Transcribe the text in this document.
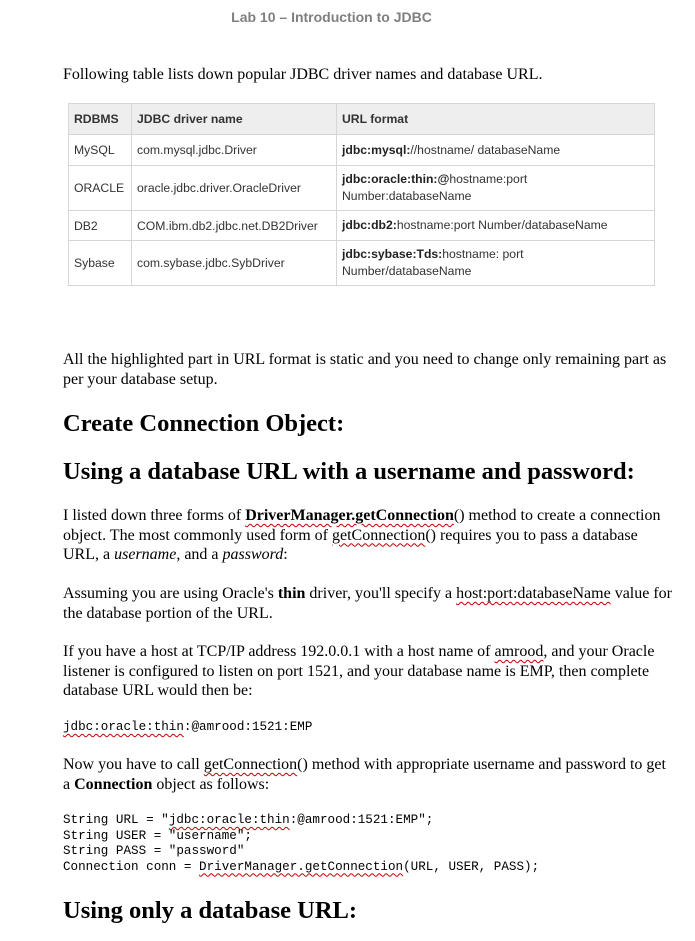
Lab 10 – Introduction to JDBC

Following table lists down popular JDBC driver names and database URL.

RDBMS	JDBC driver name	URL format
MySQL	com.mysql.jdbc.Driver	jdbc:mysql://hostname/ databaseName
ORACLE	oracle.jdbc.driver.OracleDriver	jdbc:oracle:thin:@hostname:port Number:databaseName
DB2	COM.ibm.db2.jdbc.net.DB2Driver	jdbc:db2:hostname:port Number/databaseName
Sybase	com.sybase.jdbc.SybDriver	jdbc:sybase:Tds:hostname: port Number/databaseName

All the highlighted part in URL format is static and you need to change only remaining part as per your database setup.

Create Connection Object:
Using a database URL with a username and password:

I listed down three forms of DriverManager.getConnection() method to create a connection object. The most commonly used form of getConnection() requires you to pass a database URL, a username, and a password:

Assuming you are using Oracle's thin driver, you'll specify a host:port:databaseName value for the database portion of the URL.

If you have a host at TCP/IP address 192.0.0.1 with a host name of amrood, and your Oracle listener is configured to listen on port 1521, and your database name is EMP, then complete database URL would then be:

jdbc:oracle:thin:@amrood:1521:EMP

Now you have to call getConnection() method with appropriate username and password to get a Connection object as follows:

String URL = "jdbc:oracle:thin:@amrood:1521:EMP";
String USER = "username";
String PASS = "password"
Connection conn = DriverManager.getConnection(URL, USER, PASS);
Using only a database URL:
